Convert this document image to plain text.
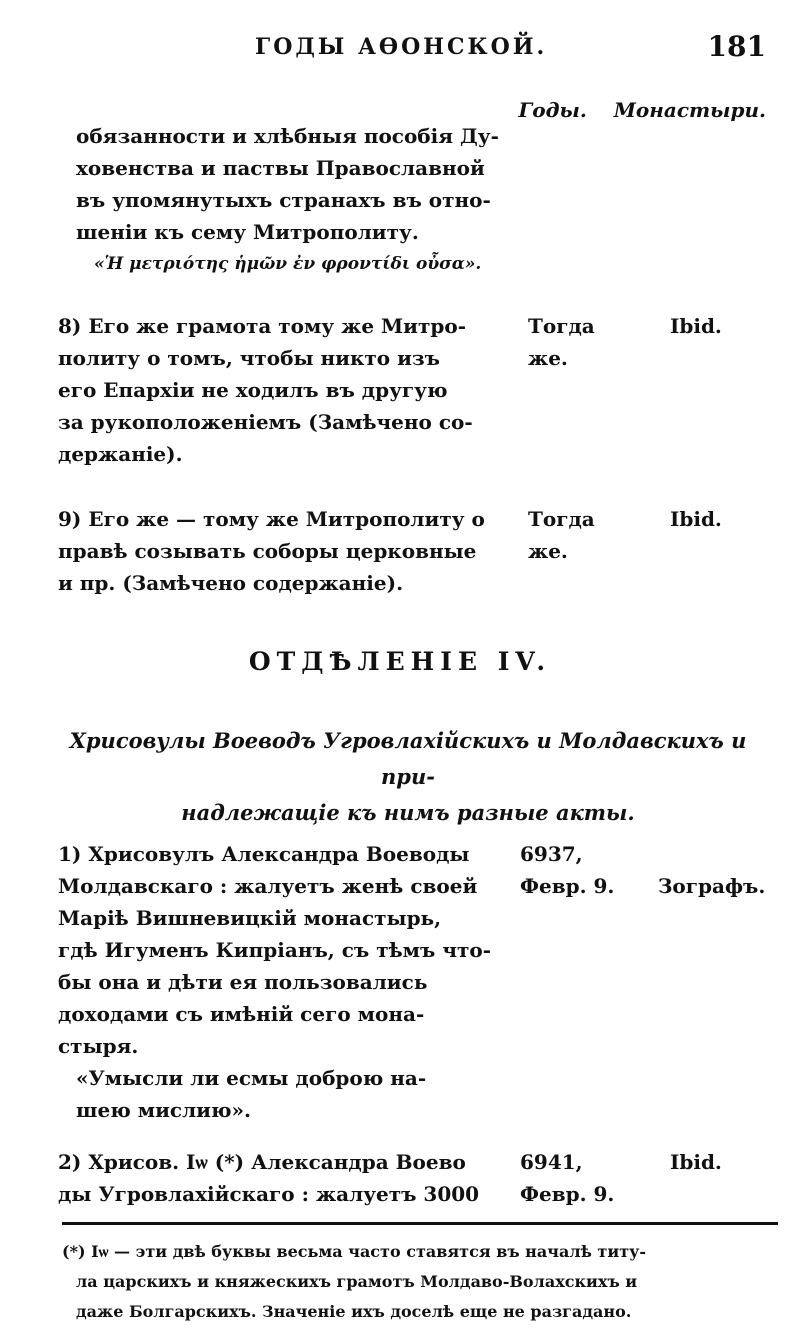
ГОДЫ АѲОНСКОЙ.	181
Годы. Монастыри.
обязанности и хлѣбныя пособія Ду-
ховенства и паствы Православной
въ упомянутыхъ странахъ въ отно-
шеніи къ сему Митрополиту.
«Ἡ μετριότης ἡμῶν ἐν φροντίδι οὖσα».
8) Его же грамота тому же Митро-
политу о томъ, чтобы никто изъ
его Епархіи не ходилъ въ другую
за рукоположеніемъ (Замѣчено со-
держаніе).
Тогда
же.
Ibid.
9) Его же — тому же Митрополиту о
правѣ созывать соборы церковные
и пр. (Замѣчено содержаніе).
Тогда
же.
Ibid.
ОТДѢЛЕНІЕ IV.
Хрисовулы Воеводъ Угровлахійскихъ и Молдавскихъ и при-
надлежащіе къ нимъ разные акты.
1) Хрисовулъ Александра Воеводы
Молдавскаго : жалуетъ женѣ своей
Маріѣ Вишневицкій монастырь,
гдѣ Игуменъ Кипріанъ, съ тѣмъ что-
бы она и дѣти ея пользовались
доходами съ имѣній сего мона-
стыря.
«Умысли ли есмы доброю на-
шею мислию».
6937,
Февр. 9.	Зографъ.
2) Хрисов. Іѡ (*) Александра Воево
ды Угровлахійскаго : жалуетъ 3000
6941,
Февр. 9.
Ibid.
(*) Іѡ — эти двѣ буквы весьма часто ставятся въ началѣ титу-
ла царскихъ и княжескихъ грамотъ Молдаво-Волахскихъ и
даже Болгарскихъ. Значеніе ихъ доселѣ еще не разгадано.
